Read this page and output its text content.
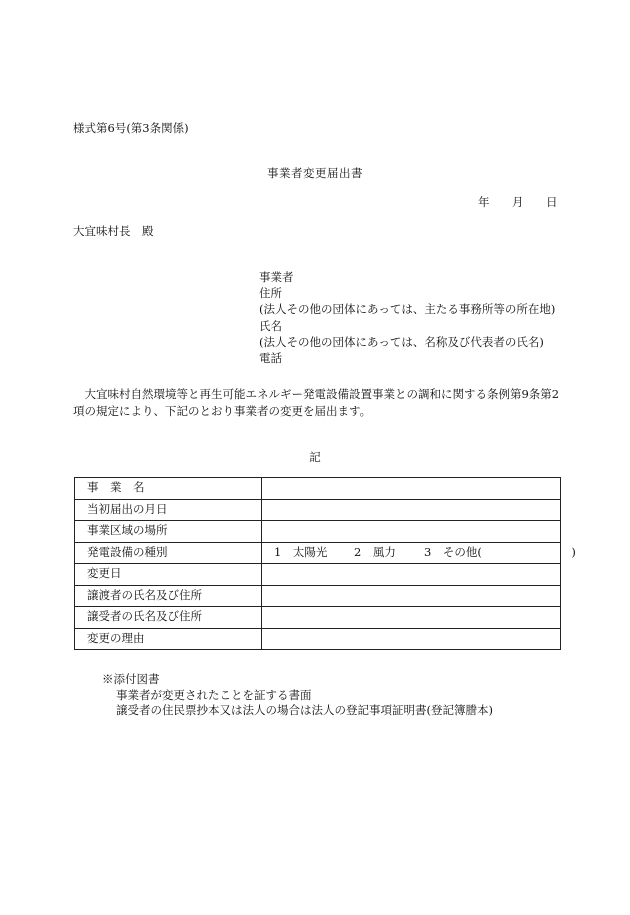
様式第6号(第3条関係)
事業者変更届出書
年 月 日
大宜味村長　殿
事業者
住所
(法人その他の団体にあっては、主たる事務所等の所在地)
氏名
(法人その他の団体にあっては、名称及び代表者の氏名)
電話
大宜味村自然環境等と再生可能エネルギー発電設備設置事業との調和に関する条例第9条第2項の規定により、下記のとおり事業者の変更を届出ます。
記
事　業　名	
当初届出の月日	
事業区域の場所	
発電設備の種別	1　太陽光 2　風力 3　その他( )
変更日	
譲渡者の氏名及び住所	
譲受者の氏名及び住所	
変更の理由	
※添付図書
事業者が変更されたことを証する書面
譲受者の住民票抄本又は法人の場合は法人の登記事項証明書(登記簿謄本)
